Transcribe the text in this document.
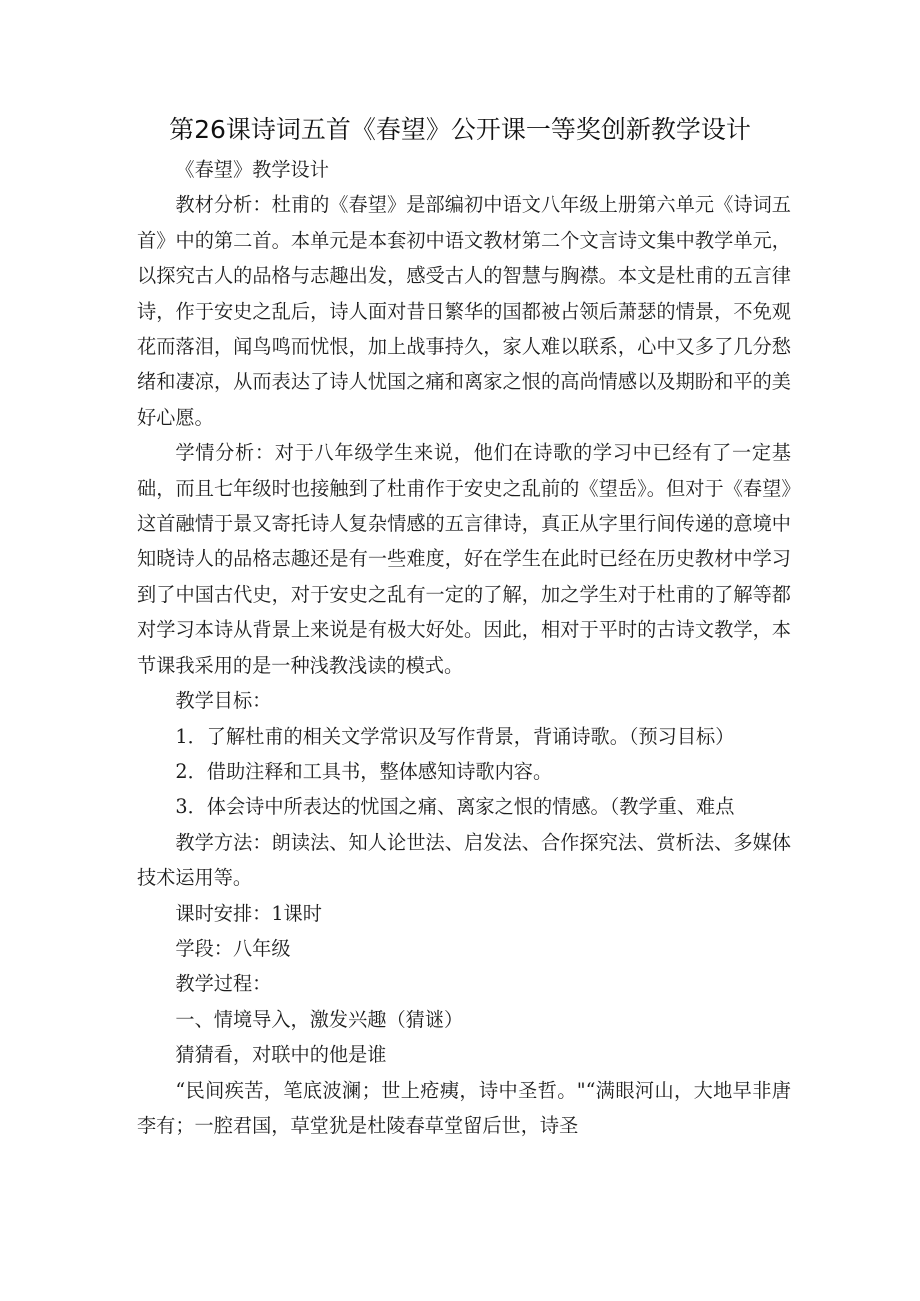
第26课诗词五首《春望》公开课一等奖创新教学设计

《春望》教学设计

教材分析：杜甫的《春望》是部编初中语文八年级上册第六单元《诗词五首》中的第二首。本单元是本套初中语文教材第二个文言诗文集中教学单元，以探究古人的品格与志趣出发，感受古人的智慧与胸襟。本文是杜甫的五言律诗，作于安史之乱后，诗人面对昔日繁华的国都被占领后萧瑟的情景，不免观花而落泪，闻鸟鸣而忧恨，加上战事持久，家人难以联系，心中又多了几分愁绪和凄凉，从而表达了诗人忧国之痛和离家之恨的高尚情感以及期盼和平的美好心愿。

学情分析：对于八年级学生来说，他们在诗歌的学习中已经有了一定基础，而且七年级时也接触到了杜甫作于安史之乱前的《望岳》。但对于《春望》这首融情于景又寄托诗人复杂情感的五言律诗，真正从字里行间传递的意境中知晓诗人的品格志趣还是有一些难度，好在学生在此时已经在历史教材中学习到了中国古代史，对于安史之乱有一定的了解，加之学生对于杜甫的了解等都对学习本诗从背景上来说是有极大好处。因此，相对于平时的古诗文教学，本节课我采用的是一种浅教浅读的模式。

教学目标：

1．了解杜甫的相关文学常识及写作背景，背诵诗歌。（预习目标）

2．借助注释和工具书，整体感知诗歌内容。

3．体会诗中所表达的忧国之痛、离家之恨的情感。（教学重、难点

教学方法：朗读法、知人论世法、启发法、合作探究法、赏析法、多媒体技术运用等。

课时安排：1课时

学段：八年级

教学过程：

一、情境导入，激发兴趣（猜谜）

猜猜看，对联中的他是谁

“民间疾苦，笔底波澜；世上疮痍，诗中圣哲。"“满眼河山，大地早非唐李有；一腔君国，草堂犹是杜陵春草堂留后世，诗圣
